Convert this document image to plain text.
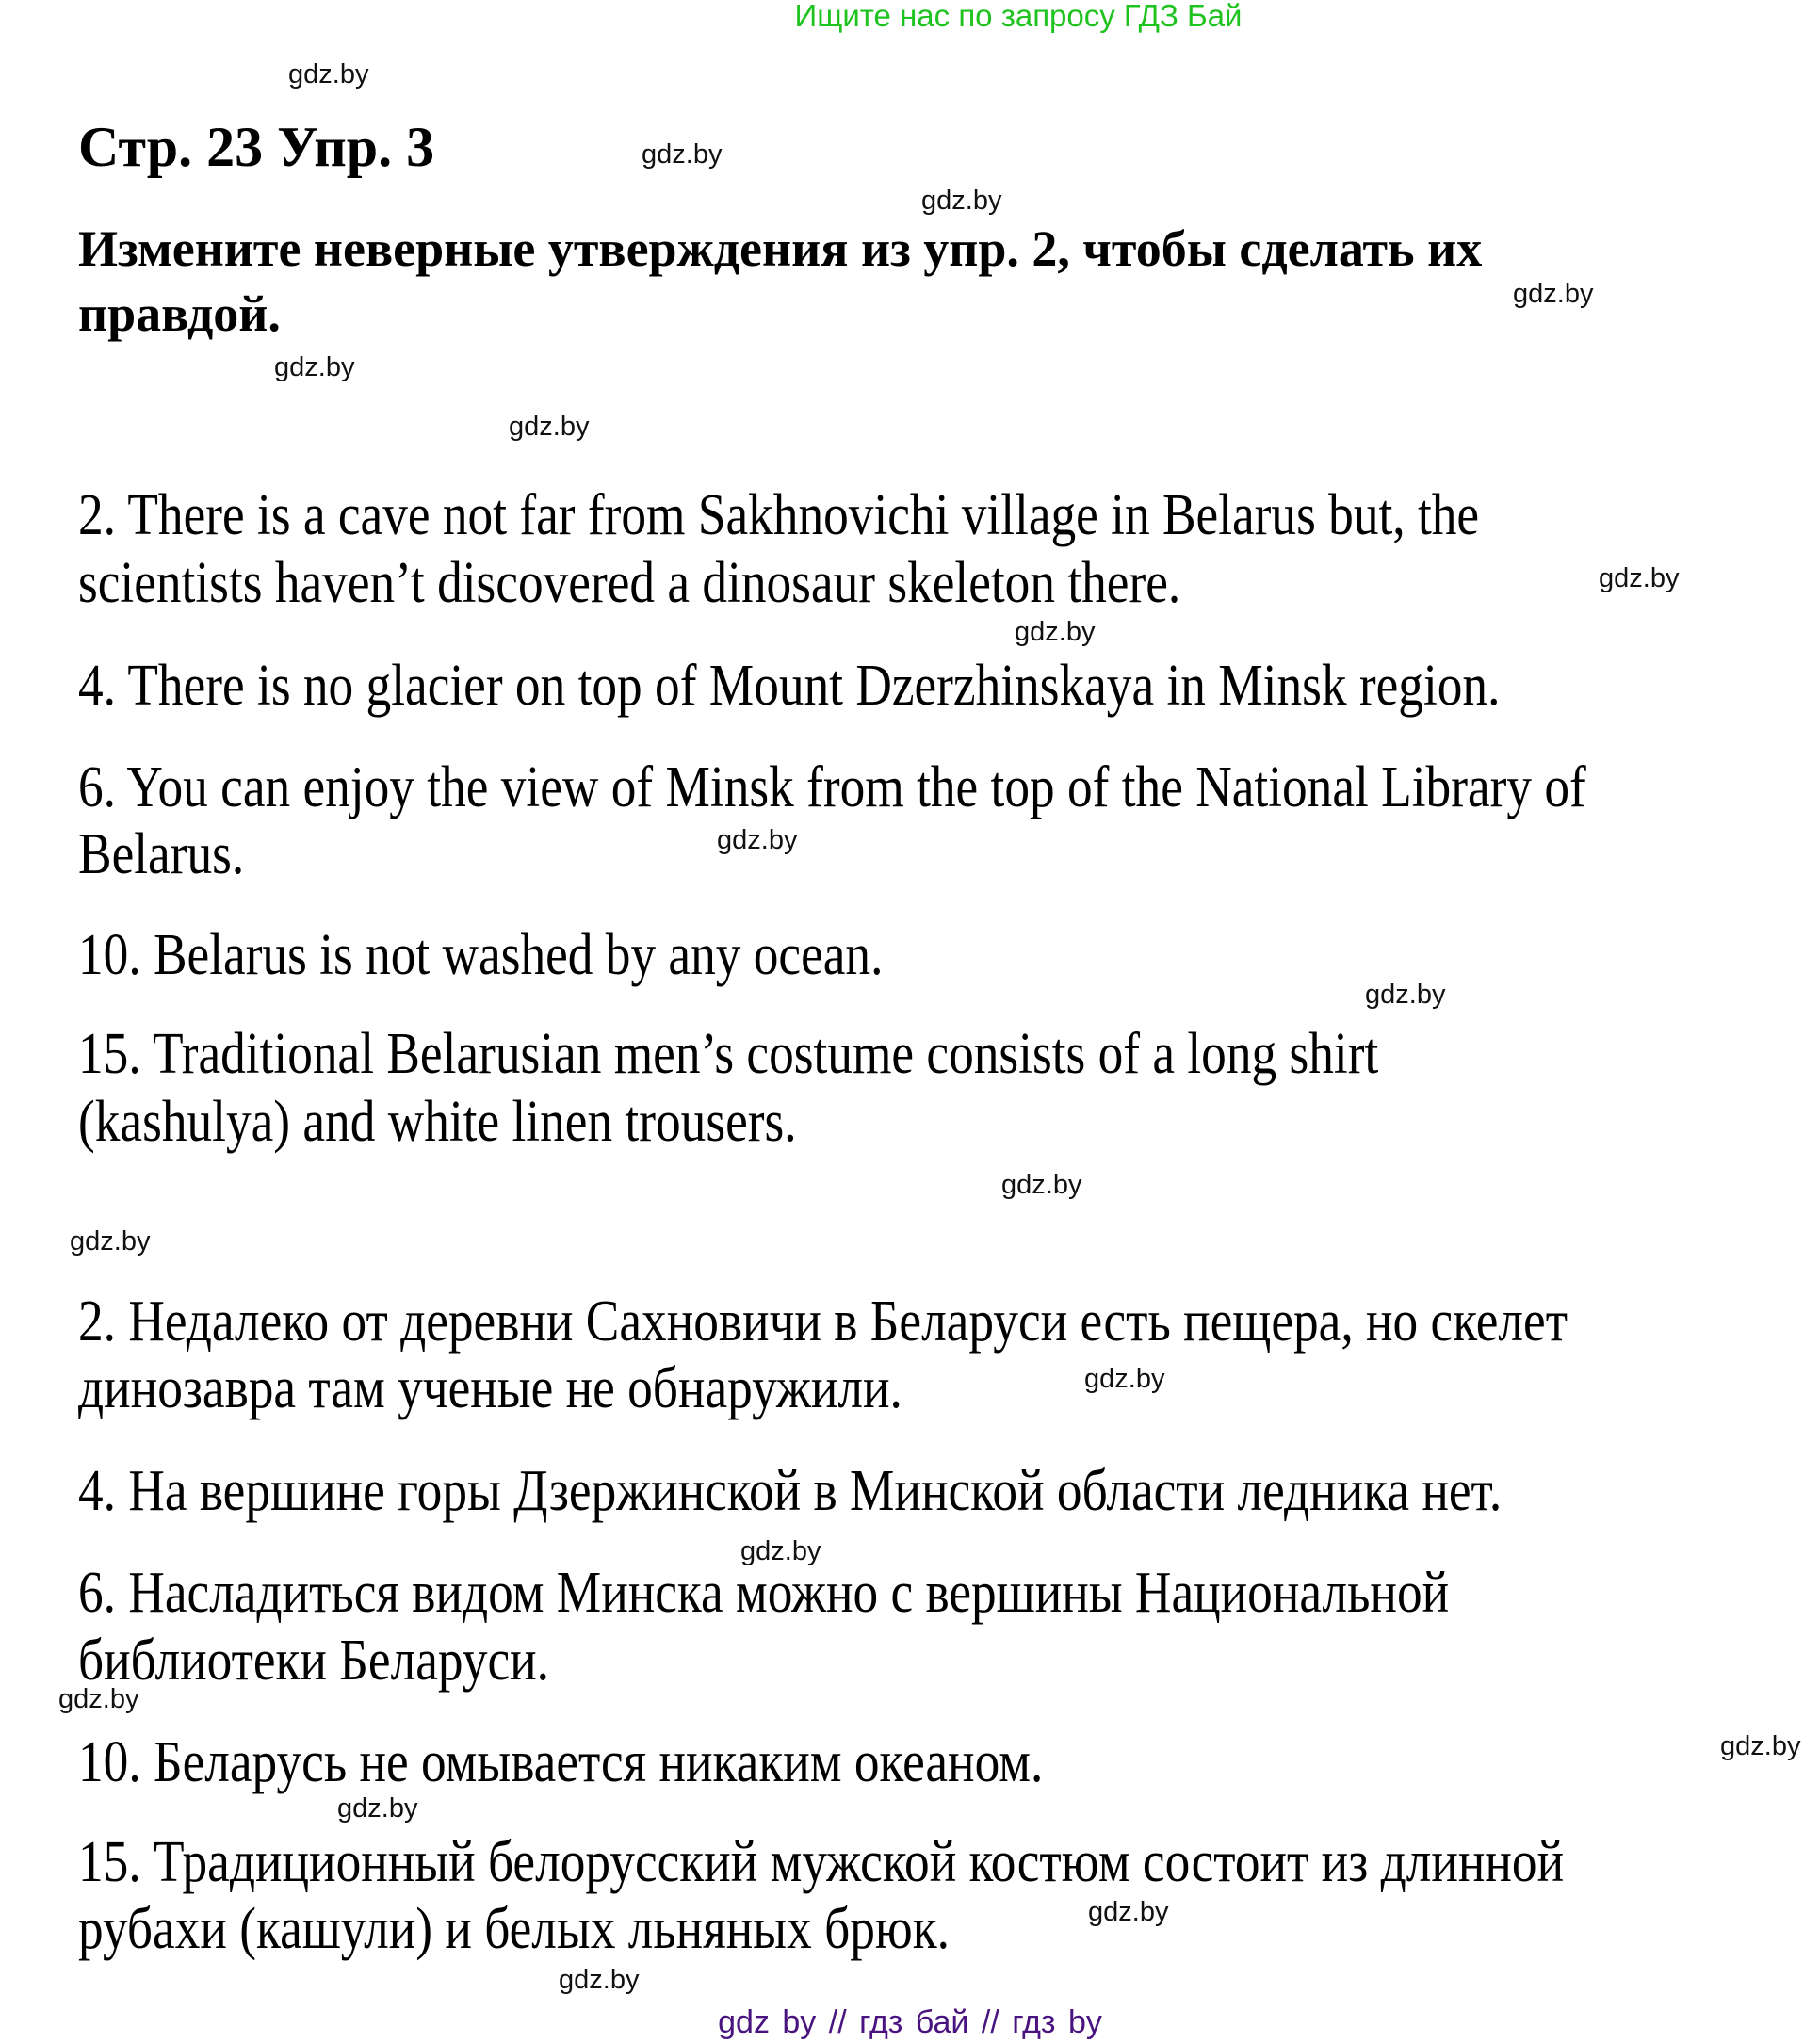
Ищите нас по запросу ГДЗ Бай
Стр. 23 Упр. 3
Измените неверные утверждения из упр. 2, чтобы сделать их
правдой.
2. There is a cave not far from Sakhnovichi village in Belarus but, the
scientists haven’t discovered a dinosaur skeleton there.
4. There is no glacier on top of Mount Dzerzhinskaya in Minsk region.
6. You can enjoy the view of Minsk from the top of the National Library of
Belarus.
10. Belarus is not washed by any ocean.
15. Traditional Belarusian men’s costume consists of a long shirt
(kashulya) and white linen trousers.
2. Недалеко от деревни Сахновичи в Беларуси есть пещера, но скелет
динозавра там ученые не обнаружили.
4. На вершине горы Дзержинской в Минской области ледника нет.
6. Насладиться видом Минска можно с вершины Национальной
библиотеки Беларуси.
10. Беларусь не омывается никаким океаном.
15. Традиционный белорусский мужской костюм состоит из длинной
рубахи (кашули) и белых льняных брюк.
gdz.by
gdz.by
gdz.by
gdz.by
gdz.by
gdz.by
gdz.by
gdz.by
gdz.by
gdz.by
gdz.by
gdz.by
gdz.by
gdz.by
gdz.by
gdz.by
gdz.by
gdz.by
gdz.by
gdz by // гдз бай // гдз by
